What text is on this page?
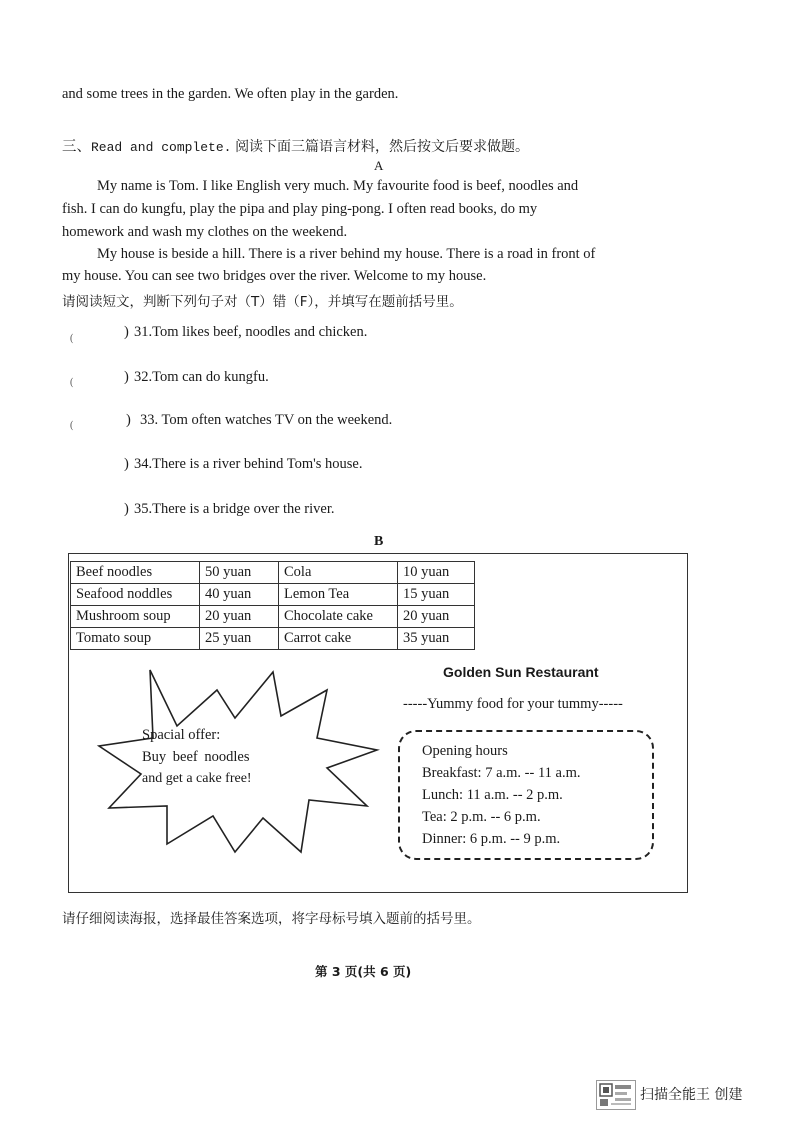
and some trees in the garden. We often play in the garden.
三、Read and complete. 阅读下面三篇语言材料，然后按文后要求做题。
A
My name is Tom. I like English very much. My favourite food is beef, noodles and
fish. I can do kungfu, play the pipa and play ping-pong. I often read books, do my
homework and wash my clothes on the weekend.
My house is beside a hill. There is a river behind my house. There is a road in front of
my house. You can see two bridges over the river. Welcome to my house.
请阅读短文，判断下列句子对（T）错（F），并填写在题前括号里。
(	) 31.Tom likes beef, noodles and chicken.
(	) 32.Tom can do kungfu.
(	) 33. Tom often watches TV on the weekend.
) 34.There is a river behind Tom's house.
) 35.There is a bridge over the river.
B
Beef noodles	50 yuan	Cola	10 yuan
Seafood noddles	40 yuan	Lemon Tea	15 yuan
Mushroom soup	20 yuan	Chocolate cake	20 yuan
Tomato soup	25 yuan	Carrot cake	35 yuan
Spacial offer:
Buy beef noodles
and get a cake free!
Golden Sun Restaurant
-----Yummy food for your tummy-----
Opening hours
Breakfast: 7 a.m. -- 11 a.m.
Lunch: 11 a.m. -- 2 p.m.
Tea: 2 p.m. -- 6 p.m.
Dinner: 6 p.m. -- 9 p.m.
请仔细阅读海报，选择最佳答案选项，将字母标号填入题前的括号里。
第 3 页(共 6 页)
扫描全能王 创建
